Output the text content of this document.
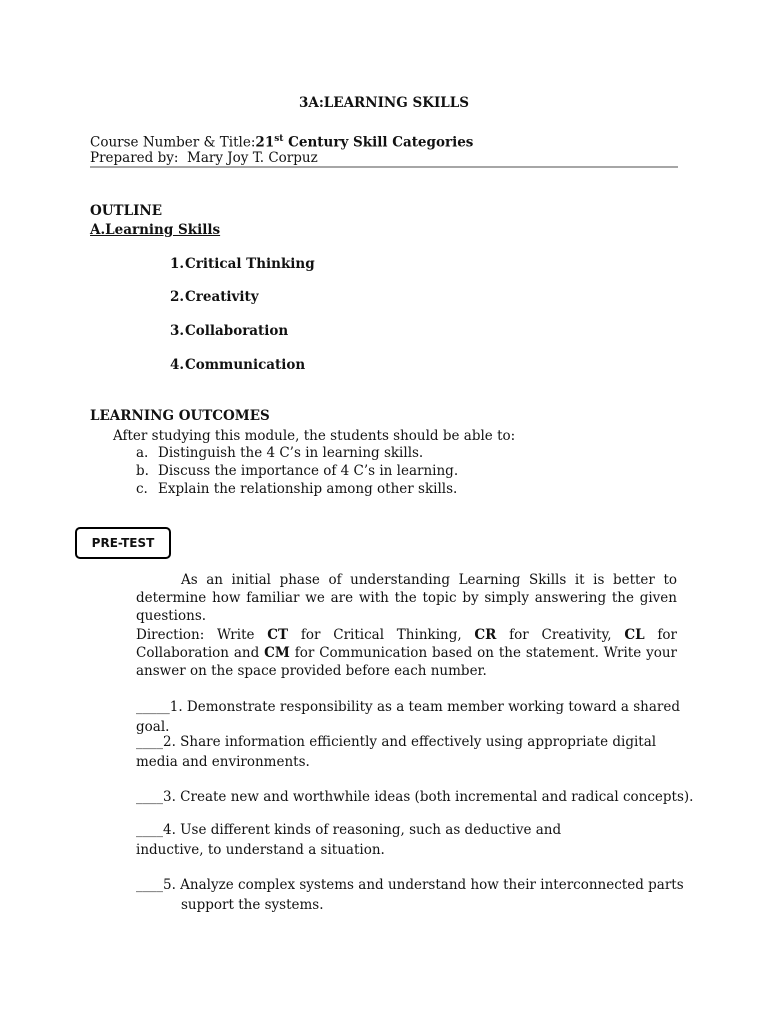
3A:LEARNING SKILLS
Course Number & Title:21st Century Skill Categories
Prepared by: Mary Joy T. Corpuz
OUTLINE
A.Learning Skills
1.Critical Thinking
2.Creativity
3.Collaboration
4.Communication
LEARNING OUTCOMES
After studying this module, the students should be able to:
a. Distinguish the 4 C’s in learning skills.
b. Discuss the importance of 4 C’s in learning.
c. Explain the relationship among other skills.
PRE-TEST
As an initial phase of understanding Learning Skills it is better to determine how familiar we are with the topic by simply answering the given questions.
Direction: Write CT for Critical Thinking, CR for Creativity, CL for Collaboration and CM for Communication based on the statement. Write your answer on the space provided before each number.
_____1. Demonstrate responsibility as a team member working toward a shared goal.
____2. Share information efficiently and effectively using appropriate digital media and environments.
____3. Create new and worthwhile ideas (both incremental and radical concepts).
____4. Use different kinds of reasoning, such as deductive and inductive, to understand a situation.
____5. Analyze complex systems and understand how their interconnected parts support the systems.
